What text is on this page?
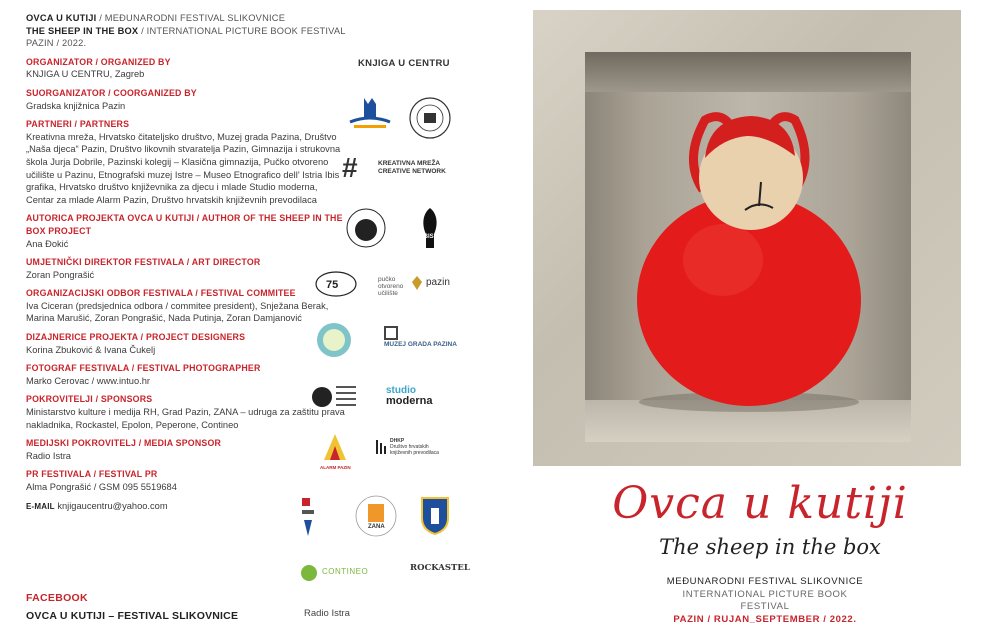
OVCA U KUTIJI / MEĐUNARODNI FESTIVAL SLIKOVNICE

THE SHEEP IN THE BOX / INTERNATIONAL PICTURE BOOK FESTIVAL

PAZIN / 2022.

ORGANIZATOR / ORGANIZED BY
KNJIGA U CENTRU, Zagreb
SUORGANIZATOR / COORGANIZED BY
Gradska knjižnica Pazin
PARTNERI / PARTNERS
Kreativna mreža, Hrvatsko čitateljsko društvo, Muzej grada Pazina, Društvo „Naša djeca“ Pazin, Društvo likovnih stvaratelja Pazin, Gimnazija i strukovna škola Jurja Dobrile, Pazinski kolegij – Klasična gimnazija, Pučko otvoreno učilište u Pazinu, Etnografski muzej Istre – Museo Etnografico dell’ Istria Ibis grafika, Hrvatsko društvo književnika za djecu i mlade Studio moderna, Centar za mlade Alarm Pazin, Društvo hrvatskih književnih prevodilaca
AUTORICA PROJEKTA OVCA U KUTIJI / AUTHOR OF THE SHEEP IN THE BOX PROJECT
Ana Đokić
UMJETNIČKI DIREKTOR FESTIVALA / ART DIRECTOR
Zoran Pongrašić
ORGANIZACIJSKI ODBOR FESTIVALA / FESTIVAL COMMITEE
Iva Ciceran (predsjednica odbora / commitee president), Snježana Berak, Marina Marušić, Zoran Pongrašić, Nada Putinja, Zoran Damjanović
DIZAJNERICE PROJEKTA / PROJECT DESIGNERS
Korina Zbuković & Ivana Čukelj
FOTOGRAF FESTIVALA / FESTIVAL PHOTOGRAPHER
Marko Cerovac / www.intuo.hr
POKROVITELJI / SPONSORS
Ministarstvo kulture i medija RH, Grad Pazin, ZANA – udruga za zaštitu prava nakladnika, Rockastel, Epolon, Peperone, Contineo
MEDIJSKI POKROVITELJ / MEDIA SPONSOR
Radio Istra
PR FESTIVALA / FESTIVAL PR
Alma Pongrašić / GSM 095 5519684
E-MAIL knjigaucentru@yahoo.com
FACEBOOK
OVCA U KUTIJI – FESTIVAL SLIKOVNICE
KNJIGA U CENTRU
#	KREATIVNA MREŽA
CREATIVE NETWORK
IBIS
75	pučko
otvoreno
učilište
pazin
MUZEJ GRADA PAZINA
studio
moderna
ALARM PAZIN
DHKP
Društvo hrvatskih
književnih prevodilaca
ZANA
CONTINEO	ROCKASTEL
Radio Istra
Ovca u kutiji
The sheep in the box
MEĐUNARODNI FESTIVAL SLIKOVNICE
INTERNATIONAL PICTURE BOOK FESTIVAL
PAZIN / RUJAN_SEPTEMBER / 2022.
